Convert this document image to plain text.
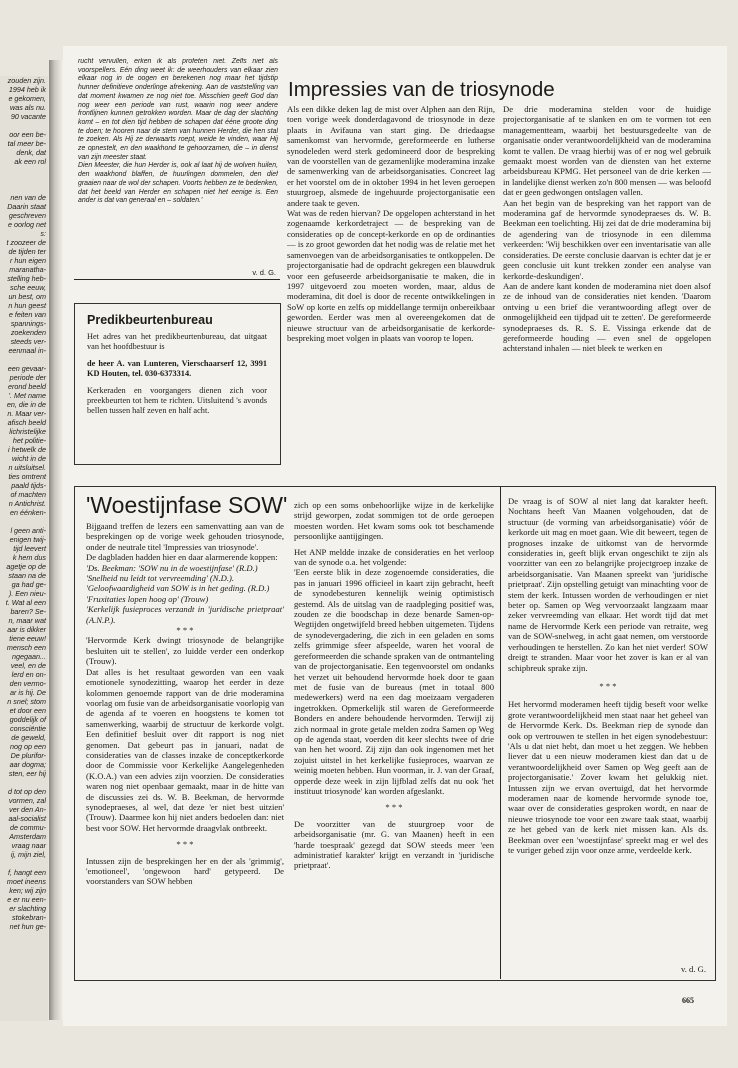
zouden zijn.
1994 heb ik
e gekomen,
was als nu.
90 vacante

oor een be-
tal meer be-
denk, dat
ak een rol

nen van de
Daarin staat
geschreven
e oorlog net
s:
t zoozeer de
de tijden ter
r hun eigen
maranatha-
stelling heb-
sche eeuw,
un best, om
n hun geest
e feiten van
spannings-
zoekenden
steeds ver-
eenmaal in-

een gevaar-
periode der
erond beeld
'. Met name
en, die in de
n. Maar ver-
afisch beeld
lichristelijke
het politie-
i hetwelk de
wicht in de
n uitsluitsel.
ties omtrent
paald tijds-
of machten
n Antichrist.
en éénken-

l geen anti-
enigen twij-
tijd leevert
k hem dus
agetje op de
staan na de
ga had ge-
). Een nieu-
t. Wat al een
baren? Se-
n, maar wat
aar is dikker
tiene eeuw!
mensch een
ngegaan...
veel, en de
lerd en on-
den vermo-
ar is hij. De
n snel; stom
et door een
goddelijk of
consciëntie
de geweld,
nog op een
De plurifor-
aar dogma;
sten, eer hij

d tot op den
vormen, zal
ver den An-
aal-socialist
de commu-
Amsterdam
vraag naar
ij, mijn ziel,

f, hangt een
moet ineens
ken; wij zijn
e er nu een-
er slachting
stokebran-
net hun ge-

rucht vervullen, erken ik als profeten niet. Zelfs niet als voorspellers. Eén ding weet ik: de weerhouders van elkaar zien elkaar nog in de oogen en berekenen nog maar het tijdstip hunner definitieve onderlinge afrekening. Aan de vaststelling van dat moment kwamen ze nog niet toe. Misschien geeft God dan nog weer een periode van rust, waarin nog weer andere frontlijnen kunnen getrokken worden. Maar de dag der slachting komt – en tot dien tijd hebben de schapen dat ééne groote ding te doen; te hooren naar de stem van hunnen Herder, die hen stal te zoeken. Als Hij ze derwaarts roept, weide te vinden, waar Hij ze opnestelt, en den waakhond te gehoorzamen, die – in dienst van zijn meester staat.

Dien Meester, die hun Herder is, ook al laat hij de wolven huilen, den waakhond blaffen, de huurlingen dommelen, den dief graaien naar de wol der schapen. Voorts hebben ze te bedenken, dat het beeld van Herder en schapen niet het eenige is. Een ander is dat van generaal en – soldaten.'

v. d. G.
Predikbeurtenbureau

Het adres van het predikbeurtenbureau, dat uitgaat van het hoofdbestuur is

de heer A. van Lunteren, Vierschaarserf 12, 3991 KD Houten, tel. 030-6373314.

Kerkeraden en voorgangers dienen zich voor preekbeurten tot hem te richten. Uitsluitend 's avonds bellen tussen half zeven en half acht.

Impressies van de triosynode

Als een dikke deken lag de mist over Alphen aan den Rijn, toen vorige week donderdagavond de triosynode in deze plaats in Avifauna van start ging. De driedaagse samenkomst van hervormde, gereformeerde en lutherse synodeleden werd sterk gedomineerd door de bespreking van de voorstellen van de gezamenlijke moderamina inzake de samenwerking van de arbeidsorganisaties. Concreet lag er het voorstel om de in oktober 1994 in het leven geroepen stuurgroep, alsmede de ingehuurde projectorganisatie een andere taak te geven.

Wat was de reden hiervan? De opgelopen achterstand in het zogenaamde kerkordetraject — de bespreking van de consideraties op de concept-kerkorde en op de ordinanties — is zo groot geworden dat het nodig was de relatie met het samenvoegen van de arbeidsorganisaties te ontkoppelen. De projectorganisatie had de opdracht gekregen een blauwdruk voor een gefuseerde arbeidsorganisatie te maken, die in 1997 uitgevoerd zou moeten worden, maar, aldus de moderamina, dit doel is door de recente ontwikkelingen in SoW op korte en zelfs op middellange termijn onbereikbaar geworden. Eerder was men al overeengekomen dat de nieuwe structuur van de arbeidsorganisatie de kerkorde-bespreking moet volgen in plaats van voorop te lopen.

De drie moderamina stelden voor de huidige projectorganisatie af te slanken en om te vormen tot een managementteam, waarbij het bestuursgedeelte van de organisatie onder verantwoordelijkheid van de moderamina komt te vallen. De vraag hierbij was of er nog wel gebruik gemaakt moest worden van de diensten van het externe arbeidsbureau KPMG. Het personeel van de drie kerken — in landelijke dienst werken zo'n 800 mensen — was beloofd dat er geen gedwongen ontslagen vallen.

Aan het begin van de bespreking van het rapport van de moderamina gaf de hervormde synodepraeses ds. W. B. Beekman een toelichting. Hij zei dat de drie moderamina bij de agendering van de triosynode in een dilemma verkeerden: 'Wij beschikken over een inventarisatie van alle consideraties. De eerste conclusie daarvan is echter dat je er geen conclusie uit kunt trekken zonder een analyse van kerkorde-deskundigen'.

Aan de andere kant konden de moderamina niet doen alsof ze de inhoud van de consideraties niet kenden. 'Daarom ontving u een brief die verantwoording aflegt over de onmogelijkheid een tijdpad uit te zetten'. De gereformeerde synodepraeses ds. R. S. E. Vissinga erkende dat de gereformeerde houding — even snel de opgelopen achterstand inhalen — niet bleek te werken en

'Woestijnfase SOW'

Bijgaand treffen de lezers een samenvatting aan van de besprekingen op de vorige week gehouden triosynode, onder de neutrale titel 'Impressies van triosynode'.

De dagbladen hadden hier en daar alarmerende koppen:

'Ds. Beekman: 'SOW nu in de woestijnfase' (R.D.)

'Snelheid nu leidt tot vervreemding' (N.D.).

'Geloofwaardigheid van SOW is in het geding. (R.D.)

'Fruxitaties lopen hoog op' (Trouw)

'Kerkelijk fusieproces verzandt in 'juridische prietpraat' (A.N.P.).

* * *

'Hervormde Kerk dwingt triosynode de belangrijke besluiten uit te stellen', zo luidde verder een onderkop (Trouw).

Dat alles is het resultaat geworden van een vaak emotionele synodezitting, waarop het eerder in deze kolommen genoemde rapport van de drie moderamina voorlag om fusie van de arbeidsorganisatie voorlopig van de agenda af te voeren en hoogstens te komen tot samenwerking, waarbij de structuur de kerkorde volgt. Een definitief besluit over dit rapport is nog niet genomen. Dat gebeurt pas in januari, nadat de consideraties van de classes inzake de conceptkerkorde door de Commissie voor Kerkelijke Aangelegenheden (K.O.A.) van een advies zijn voorzien. De consideraties waren nog niet openbaar gemaakt, maar in de hitte van de discussies zei ds. W. B. Beekman, de hervormde synodepraeses, al wel, dat deze 'er niet best uitzien' (Trouw). Daarmee kon hij niet anders bedoelen dan: niet best voor SOW. Het hervormde draagvlak ontbreekt.

* * *

Intussen zijn de besprekingen her en der als 'grimmig', 'emotioneel', 'ongewoon hard' getypeerd. De voorstanders van SOW hebben

zich op een soms onbehoorlijke wijze in de kerkelijke strijd geworpen, zodat sommigen tot de orde geroepen moesten worden. Het kwam soms ook tot beschamende persoonlijke aantijgingen.

Het ANP meldde inzake de consideraties en het verloop van de synode o.a. het volgende:

'Een eerste blik in deze zogenoemde consideraties, die pas in januari 1996 officieel in kaart zijn gebracht, heeft de synodebesturen kennelijk weinig optimistisch gestemd. Als de uitslag van de raadpleging positief was, zouden ze die boodschap in deze benarde Samen-op-Wegtijden ongetwijfeld breed hebben uitgemeten. Tijdens de synodevergadering, die zich in een geladen en soms zelfs grimmige sfeer afspeelde, waren het vooral de gereformeerden die schande spraken van de ontmanteling van de projectorganisatie. Een tegenvoorstel om ondanks het verzet uit behoudend hervormde hoek door te gaan met de fusie van de bureaus (met in totaal 800 medewerkers) werd na een dag moeizaam vergaderen ingetrokken. Opmerkelijk stil waren de Gereformeerde Bonders en andere behoudende hervormden. Terwijl zij zich normaal in grote getale melden zodra Samen op Weg op de agenda staat, voerden dit keer slechts twee of drie van hen het woord. Zij zijn dan ook ingenomen met het zojuist uitstel in het kerkelijke fusieproces, waarvan ze weinig moeten hebben. Hun voorman, ir. J. van der Graaf, opperde deze week in zijn lijfblad zelfs dat nu ook 'het instituut triosynode' kan worden afgeslankt.

* * *

De voorzitter van de stuurgroep voor de arbeidsorganisatie (mr. G. van Maanen) heeft in een 'harde toespraak' gezegd dat SOW steeds meer 'een administratief karakter' krijgt en verzandt in 'juridische prietpraat'.

De vraag is of SOW al niet lang dat karakter heeft. Nochtans heeft Van Maanen volgehouden, dat de structuur (de vorming van arbeidsorganisatie) vóór de kerkorde uit mag en moet gaan. Wie dit beweert, tegen de prognoses inzake de uitkomst van de hervormde consideraties in, geeft blijk ervan ongeschikt te zijn als voorzitter van een zo belangrijke projectgroep inzake de arbeidsorganisatie. Van Maanen spreekt van 'juridische prietpraat'. Zijn opstelling getuigt van minachting voor de stem der kerk. Intussen worden de verhoudingen er niet beter op. Samen op Weg vervoorzaakt langzaam maar zeker vervreemding van elkaar. Het wordt tijd dat met name de Hervormde Kerk een periode van retraite, weg van de SOW-snelweg, in acht gaat nemen, om verstoorde verhoudingen te herstellen. Zo kan het niet verder! SOW dreigt te stranden. Maar voor het zover is kan er al van schipbreuk sprake zijn.

* * *

Het hervormd moderamen heeft tijdig beseft voor welke grote verantwoordelijkheid men staat naar het geheel van de Hervormde Kerk. Ds. Beekman riep de synode dan ook op vertrouwen te stellen in het eigen synodebestuur: 'Als u dat niet hebt, dan moet u het zeggen. We hebben liever dat u een nieuw moderamen kiest dan dat u de verantwoordelijkheid over Samen op Weg geeft aan de projectorganisatie.' Zover kwam het gelukkig niet. Intussen zijn we ervan overtuigd, dat het hervormde moderamen naar de komende hervormde synode toe, waar over de consideraties gesproken wordt, en naar de nieuwe triosynode toe voor een zware taak staat, waarbij ze het gebed van de kerk niet missen kan. Als ds. Beekman over een 'woestijnfase' spreekt mag er wel des te vuriger gebed zijn voor onze arme, verdeelde kerk.

v. d. G.
665
